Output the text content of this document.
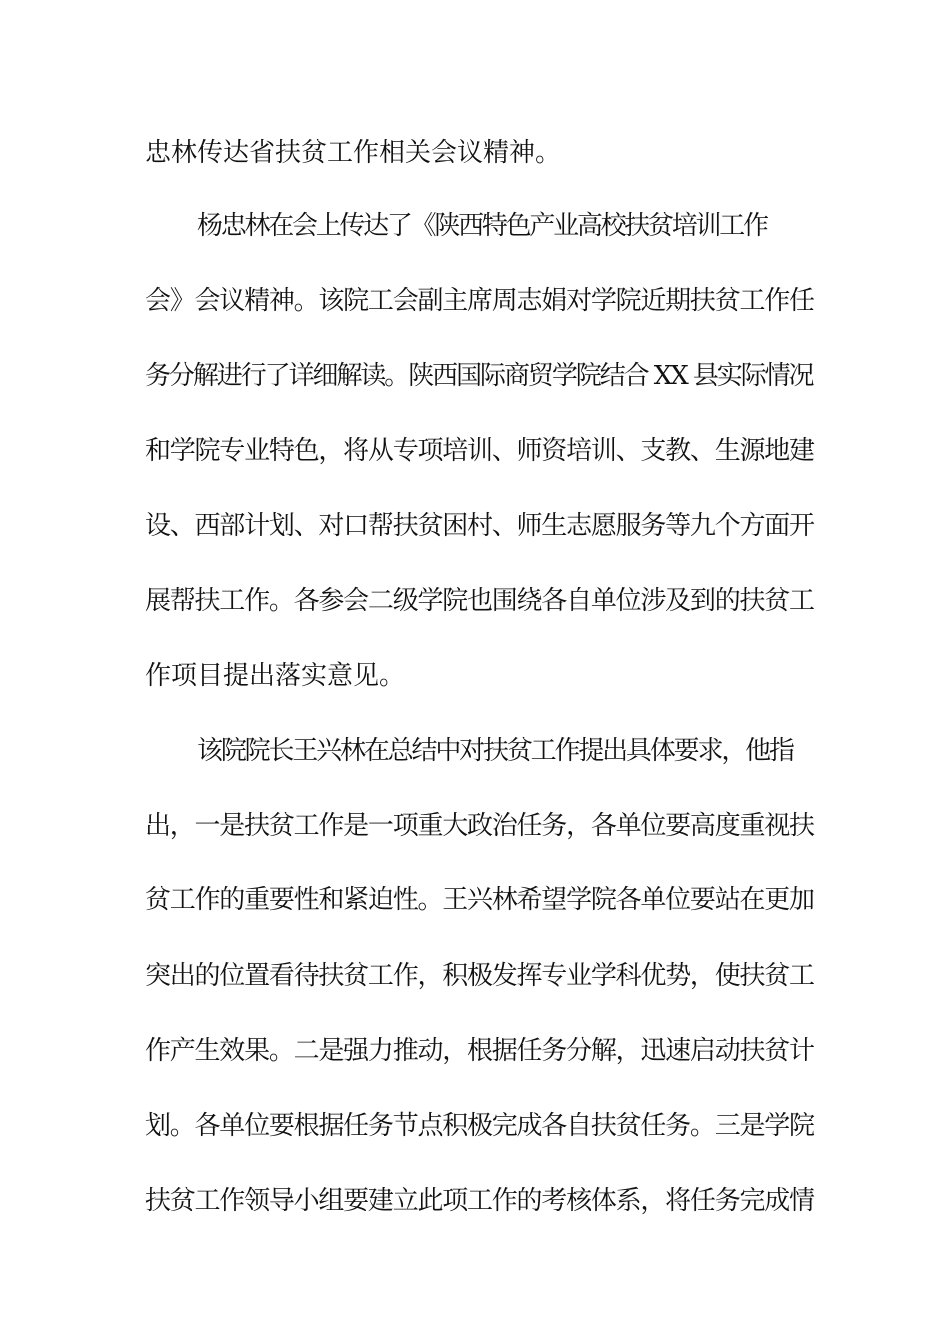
忠林传达省扶贫工作相关会议精神。
杨忠林在会上传达了《陕西特色产业高校扶贫培训工作
会》会议精神。该院工会副主席周志娟对学院近期扶贫工作任
务分解进行了详细解读。陕西国际商贸学院结合 XX 县实际情况
和学院专业特色，将从专项培训、师资培训、支教、生源地建
设、西部计划、对口帮扶贫困村、师生志愿服务等九个方面开
展帮扶工作。各参会二级学院也围绕各自单位涉及到的扶贫工
作项目提出落实意见。
该院院长王兴林在总结中对扶贫工作提出具体要求，他指
出，一是扶贫工作是一项重大政治任务，各单位要高度重视扶
贫工作的重要性和紧迫性。王兴林希望学院各单位要站在更加
突出的位置看待扶贫工作，积极发挥专业学科优势，使扶贫工
作产生效果。二是强力推动，根据任务分解，迅速启动扶贫计
划。各单位要根据任务节点积极完成各自扶贫任务。三是学院
扶贫工作领导小组要建立此项工作的考核体系，将任务完成情
